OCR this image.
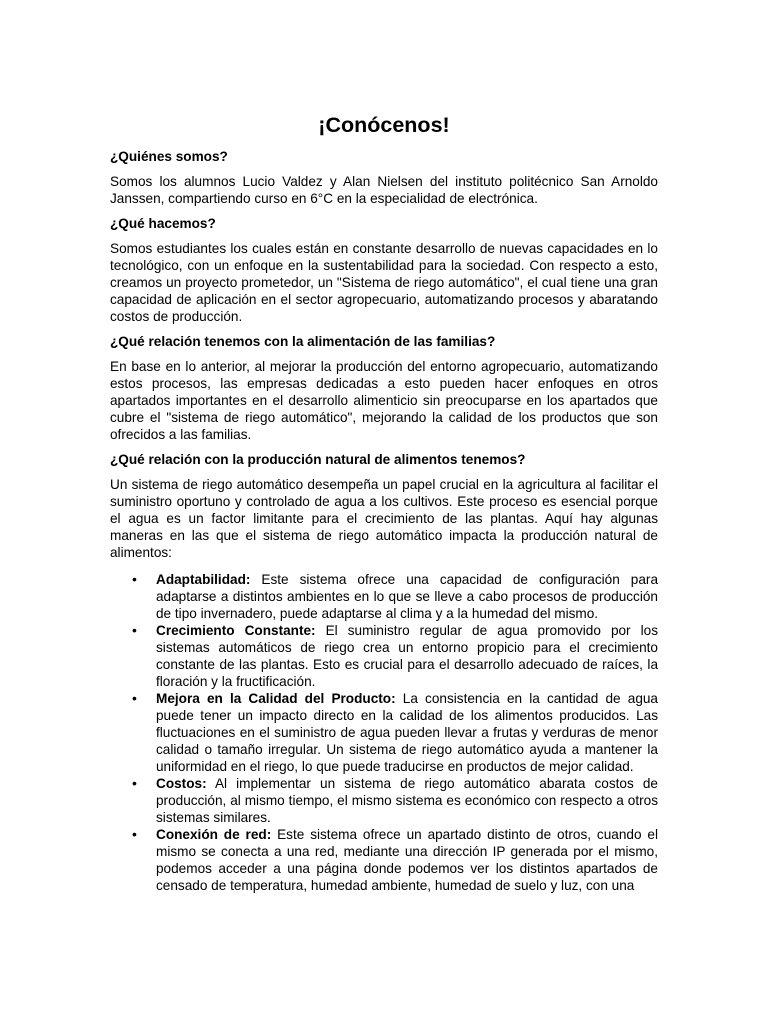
¡Conócenos!
¿Quiénes somos?
Somos los alumnos Lucio Valdez y Alan Nielsen del instituto politécnico San Arnoldo Janssen, compartiendo curso en 6°C en la especialidad de electrónica.
¿Qué hacemos?
Somos estudiantes los cuales están en constante desarrollo de nuevas capacidades en lo tecnológico, con un enfoque en la sustentabilidad para la sociedad. Con respecto a esto, creamos un proyecto prometedor, un "Sistema de riego automático", el cual tiene una gran capacidad de aplicación en el sector agropecuario, automatizando procesos y abaratando costos de producción.
¿Qué relación tenemos con la alimentación de las familias?
En base en lo anterior, al mejorar la producción del entorno agropecuario, automatizando estos procesos, las empresas dedicadas a esto pueden hacer enfoques en otros apartados importantes en el desarrollo alimenticio sin preocuparse en los apartados que cubre el "sistema de riego automático", mejorando la calidad de los productos que son ofrecidos a las familias.
¿Qué relación con la producción natural de alimentos tenemos?
Un sistema de riego automático desempeña un papel crucial en la agricultura al facilitar el suministro oportuno y controlado de agua a los cultivos. Este proceso es esencial porque el agua es un factor limitante para el crecimiento de las plantas. Aquí hay algunas maneras en las que el sistema de riego automático impacta la producción natural de alimentos:
• Adaptabilidad: Este sistema ofrece una capacidad de configuración para adaptarse a distintos ambientes en lo que se lleve a cabo procesos de producción de tipo invernadero, puede adaptarse al clima y a la humedad del mismo.
• Crecimiento Constante: El suministro regular de agua promovido por los sistemas automáticos de riego crea un entorno propicio para el crecimiento constante de las plantas. Esto es crucial para el desarrollo adecuado de raíces, la floración y la fructificación.
• Mejora en la Calidad del Producto: La consistencia en la cantidad de agua puede tener un impacto directo en la calidad de los alimentos producidos. Las fluctuaciones en el suministro de agua pueden llevar a frutas y verduras de menor calidad o tamaño irregular. Un sistema de riego automático ayuda a mantener la uniformidad en el riego, lo que puede traducirse en productos de mejor calidad.
• Costos: Al implementar un sistema de riego automático abarata costos de producción, al mismo tiempo, el mismo sistema es económico con respecto a otros sistemas similares.
• Conexión de red: Este sistema ofrece un apartado distinto de otros, cuando el mismo se conecta a una red, mediante una dirección IP generada por el mismo, podemos acceder a una página donde podemos ver los distintos apartados de censado de temperatura, humedad ambiente, humedad de suelo y luz, con una
